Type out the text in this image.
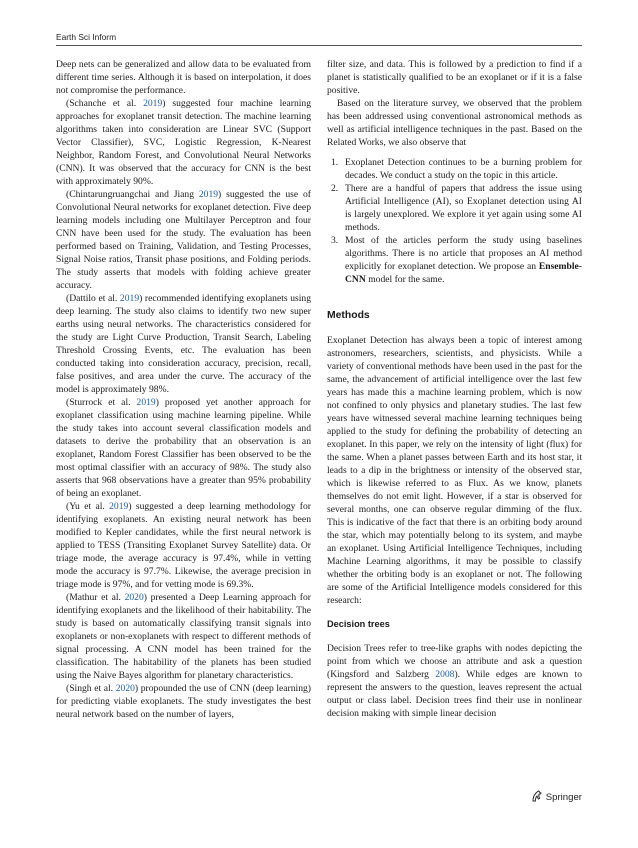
Earth Sci Inform

Deep nets can be generalized and allow data to be evaluated from different time series. Although it is based on interpolation, it does not compromise the performance.

(Schanche et al. 2019) suggested four machine learning approaches for exoplanet transit detection. The machine learning algorithms taken into consideration are Linear SVC (Support Vector Classifier), SVC, Logistic Regression, K-Nearest Neighbor, Random Forest, and Convolutional Neural Networks (CNN). It was observed that the accuracy for CNN is the best with approximately 90%.

(Chintarungruangchai and Jiang 2019) suggested the use of Convolutional Neural networks for exoplanet detection. Five deep learning models including one Multilayer Perceptron and four CNN have been used for the study. The evaluation has been performed based on Training, Validation, and Testing Processes, Signal Noise ratios, Transit phase positions, and Folding periods. The study asserts that models with folding achieve greater accuracy.

(Dattilo et al. 2019) recommended identifying exoplanets using deep learning. The study also claims to identify two new super earths using neural networks. The characteristics considered for the study are Light Curve Production, Transit Search, Labeling Threshold Crossing Events, etc. The evaluation has been conducted taking into consideration accuracy, precision, recall, false positives, and area under the curve. The accuracy of the model is approximately 98%.

(Sturrock et al. 2019) proposed yet another approach for exoplanet classification using machine learning pipeline. While the study takes into account several classification models and datasets to derive the probability that an observation is an exoplanet, Random Forest Classifier has been observed to be the most optimal classifier with an accuracy of 98%. The study also asserts that 968 observations have a greater than 95% probability of being an exoplanet.

(Yu et al. 2019) suggested a deep learning methodology for identifying exoplanets. An existing neural network has been modified to Kepler candidates, while the first neural network is applied to TESS (Transiting Exoplanet Survey Satellite) data. Or triage mode, the average accuracy is 97.4%, while in vetting mode the accuracy is 97.7%. Likewise, the average precision in triage mode is 97%, and for vetting mode is 69.3%.

(Mathur et al. 2020) presented a Deep Learning approach for identifying exoplanets and the likelihood of their habitability. The study is based on automatically classifying transit signals into exoplanets or non-exoplanets with respect to different methods of signal processing. A CNN model has been trained for the classification. The habitability of the planets has been studied using the Naive Bayes algorithm for planetary characteristics.

(Singh et al. 2020) propounded the use of CNN (deep learning) for predicting viable exoplanets. The study investigates the best neural network based on the number of layers,

filter size, and data. This is followed by a prediction to find if a planet is statistically qualified to be an exoplanet or if it is a false positive.

Based on the literature survey, we observed that the problem has been addressed using conventional astronomical methods as well as artificial intelligence techniques in the past. Based on the Related Works, we also observe that

1. Exoplanet Detection continues to be a burning problem for decades. We conduct a study on the topic in this article.
2. There are a handful of papers that address the issue using Artificial Intelligence (AI), so Exoplanet detection using AI is largely unexplored. We explore it yet again using some AI methods.
3. Most of the articles perform the study using baselines algorithms. There is no article that proposes an AI method explicitly for exoplanet detection. We propose an Ensemble-CNN model for the same.
Methods

Exoplanet Detection has always been a topic of interest among astronomers, researchers, scientists, and physicists. While a variety of conventional methods have been used in the past for the same, the advancement of artificial intelligence over the last few years has made this a machine learning problem, which is now not confined to only physics and planetary studies. The last few years have witnessed several machine learning techniques being applied to the study for defining the probability of detecting an exoplanet. In this paper, we rely on the intensity of light (flux) for the same. When a planet passes between Earth and its host star, it leads to a dip in the brightness or intensity of the observed star, which is likewise referred to as Flux. As we know, planets themselves do not emit light. However, if a star is observed for several months, one can observe regular dimming of the flux. This is indicative of the fact that there is an orbiting body around the star, which may potentially belong to its system, and maybe an exoplanet. Using Artificial Intelligence Techniques, including Machine Learning algorithms, it may be possible to classify whether the orbiting body is an exoplanet or not. The following are some of the Artificial Intelligence models considered for this research:

Decision trees

Decision Trees refer to tree-like graphs with nodes depicting the point from which we choose an attribute and ask a question (Kingsford and Salzberg 2008). While edges are known to represent the answers to the question, leaves represent the actual output or class label. Decision trees find their use in nonlinear decision making with simple linear decision

Springer
